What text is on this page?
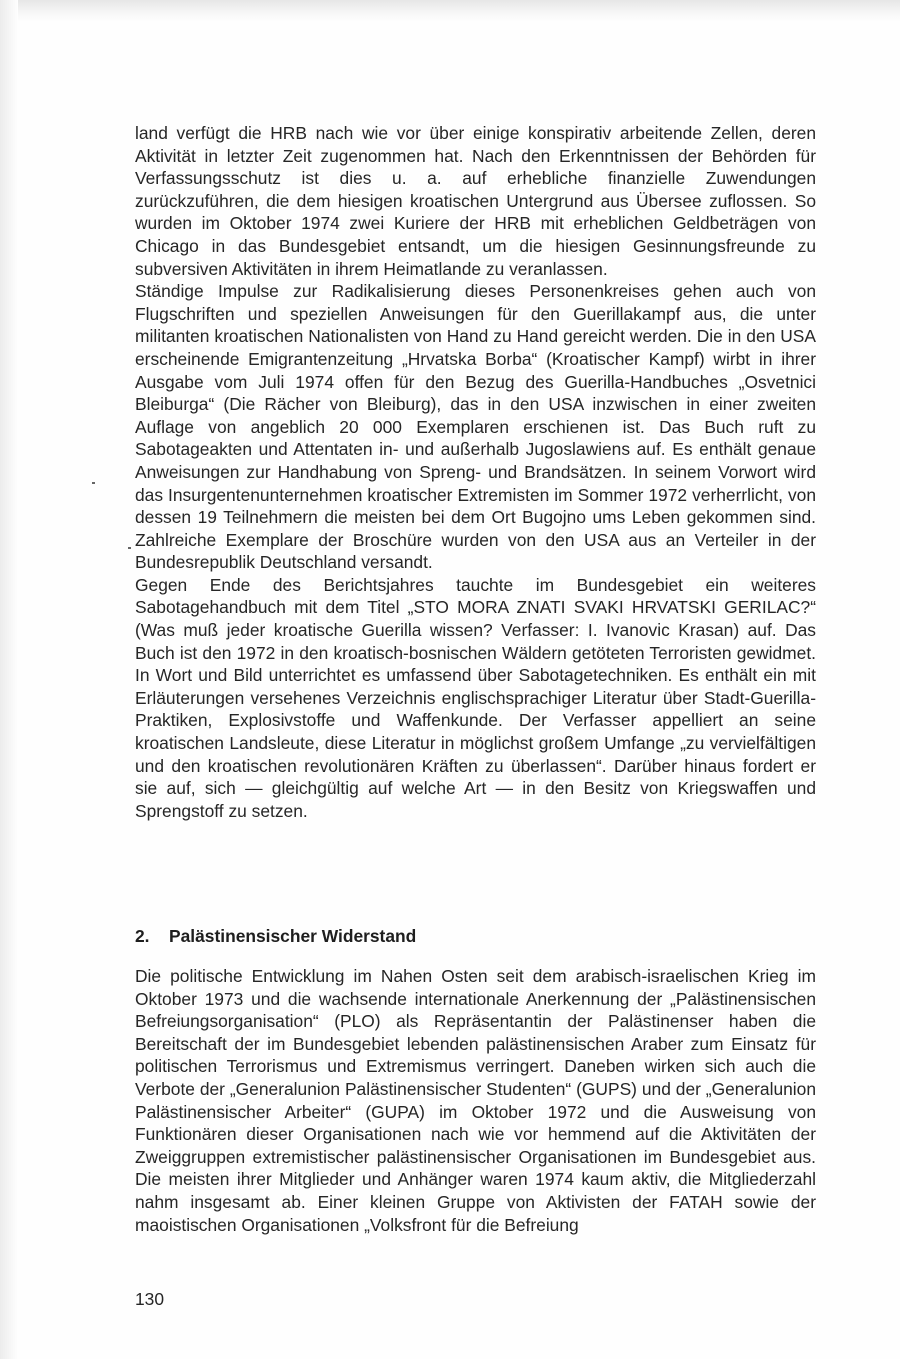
land verfügt die HRB nach wie vor über einige konspirativ arbeitende Zellen, deren Aktivität in letzter Zeit zugenommen hat. Nach den Erkenntnissen der Behörden für Verfassungsschutz ist dies u. a. auf erhebliche finanzielle Zuwendungen zurückzuführen, die dem hiesigen kroatischen Untergrund aus Übersee zuflossen. So wurden im Oktober 1974 zwei Kuriere der HRB mit erheblichen Geldbeträgen von Chicago in das Bundesgebiet entsandt, um die hiesigen Gesinnungsfreunde zu subversiven Aktivitäten in ihrem Heimatlande zu veranlassen.

Ständige Impulse zur Radikalisierung dieses Personenkreises gehen auch von Flugschriften und speziellen Anweisungen für den Guerillakampf aus, die unter militanten kroatischen Nationalisten von Hand zu Hand gereicht werden. Die in den USA erscheinende Emigrantenzeitung „Hrvatska Borba“ (Kroatischer Kampf) wirbt in ihrer Ausgabe vom Juli 1974 offen für den Bezug des Guerilla-Handbuches „Osvetnici Bleiburga“ (Die Rächer von Bleiburg), das in den USA inzwischen in einer zweiten Auflage von angeblich 20 000 Exemplaren erschienen ist. Das Buch ruft zu Sabotageakten und Attentaten in- und außerhalb Jugoslawiens auf. Es enthält genaue Anweisungen zur Handhabung von Spreng- und Brandsätzen. In seinem Vorwort wird das Insurgentenunternehmen kroatischer Extremisten im Sommer 1972 verherrlicht, von dessen 19 Teilnehmern die meisten bei dem Ort Bugojno ums Leben gekommen sind. Zahlreiche Exemplare der Broschüre wurden von den USA aus an Verteiler in der Bundesrepublik Deutschland versandt.

Gegen Ende des Berichtsjahres tauchte im Bundesgebiet ein weiteres Sabotagehandbuch mit dem Titel „STO MORA ZNATI SVAKI HRVATSKI GERILAC?“ (Was muß jeder kroatische Guerilla wissen? Verfasser: I. Ivanovic Krasan) auf. Das Buch ist den 1972 in den kroatisch-bosnischen Wäldern getöteten Terroristen gewidmet. In Wort und Bild unterrichtet es umfassend über Sabotagetechniken. Es enthält ein mit Erläuterungen versehenes Verzeichnis englischsprachiger Literatur über Stadt-Guerilla-Praktiken, Explosivstoffe und Waffenkunde. Der Verfasser appelliert an seine kroatischen Landsleute, diese Literatur in möglichst großem Umfange „zu vervielfältigen und den kroatischen revolutionären Kräften zu überlassen“. Darüber hinaus fordert er sie auf, sich — gleichgültig auf welche Art — in den Besitz von Kriegswaffen und Sprengstoff zu setzen.

2. Palästinensischer Widerstand

Die politische Entwicklung im Nahen Osten seit dem arabisch-israelischen Krieg im Oktober 1973 und die wachsende internationale Anerkennung der „Palästinensischen Befreiungsorganisation“ (PLO) als Repräsentantin der Palästinenser haben die Bereitschaft der im Bundesgebiet lebenden palästinensischen Araber zum Einsatz für politischen Terrorismus und Extremismus verringert. Daneben wirken sich auch die Verbote der „Generalunion Palästinensischer Studenten“ (GUPS) und der „Generalunion Palästinensischer Arbeiter“ (GUPA) im Oktober 1972 und die Ausweisung von Funktionären dieser Organisationen nach wie vor hemmend auf die Aktivitäten der Zweiggruppen extremistischer palästinensischer Organisationen im Bundesgebiet aus. Die meisten ihrer Mitglieder und Anhänger waren 1974 kaum aktiv, die Mitgliederzahl nahm insgesamt ab. Einer kleinen Gruppe von Aktivisten der FATAH sowie der maoistischen Organisationen „Volksfront für die Befreiung

130
